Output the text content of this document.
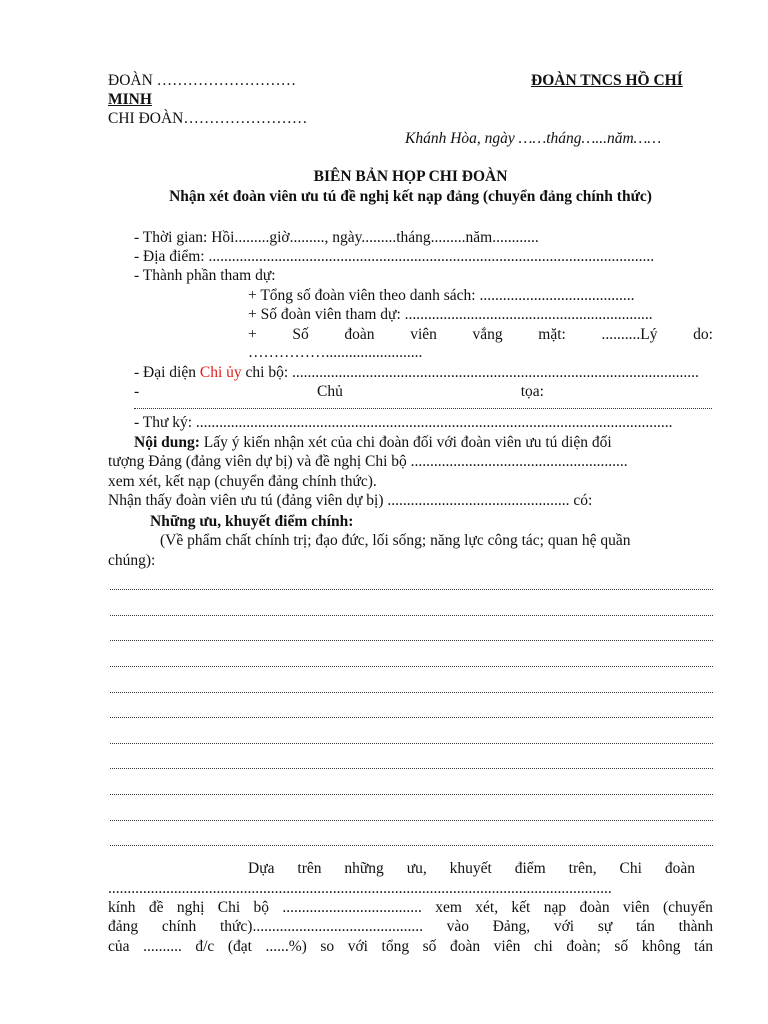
ĐOÀN ………………………	ĐOÀN TNCS HỒ CHÍ
MINH
CHI ĐOÀN……………………
Khánh Hòa, ngày ……tháng…...năm……
BIÊN BẢN HỌP CHI ĐOÀN
Nhận xét đoàn viên ưu tú đề nghị kết nạp đảng (chuyển đảng chính thức)
- Thời gian: Hồi.........giờ........., ngày.........tháng.........năm............
- Địa điểm: ...................................................................................................................
- Thành phần tham dự:
+ Tổng số đoàn viên theo danh sách: ........................................
+ Số đoàn viên tham dự: ................................................................
+ Số đoàn viên vắng mặt: ..........Lý do:
…………….........................
- Đại diện Chi ủy chi bộ: .........................................................................................................
-	Chủ	tọa:
- Thư ký: ...........................................................................................................................
Nội dung: Lấy ý kiến nhận xét của chi đoàn đối với đoàn viên ưu tú diện đối
tượng Đảng (đảng viên dự bị) và đề nghị Chi bộ ........................................................
xem xét, kết nạp (chuyển đảng chính thức).
Nhận thấy đoàn viên ưu tú (đảng viên dự bị) ............................................... có:
Những ưu, khuyết điểm chính:
(Về phẩm chất chính trị; đạo đức, lối sống; năng lực công tác; quan hệ quần
chúng):
Dựa trên những ưu, khuyết điểm trên, Chi đoàn
..................................................................................................................................
kính đề nghị Chi bộ .................................... xem xét, kết nạp đoàn viên (chuyển
đảng chính thức)............................................ vào Đảng, với sự tán thành
của .......... đ/c (đạt ......%) so với tổng số đoàn viên chi đoàn; số không tán
